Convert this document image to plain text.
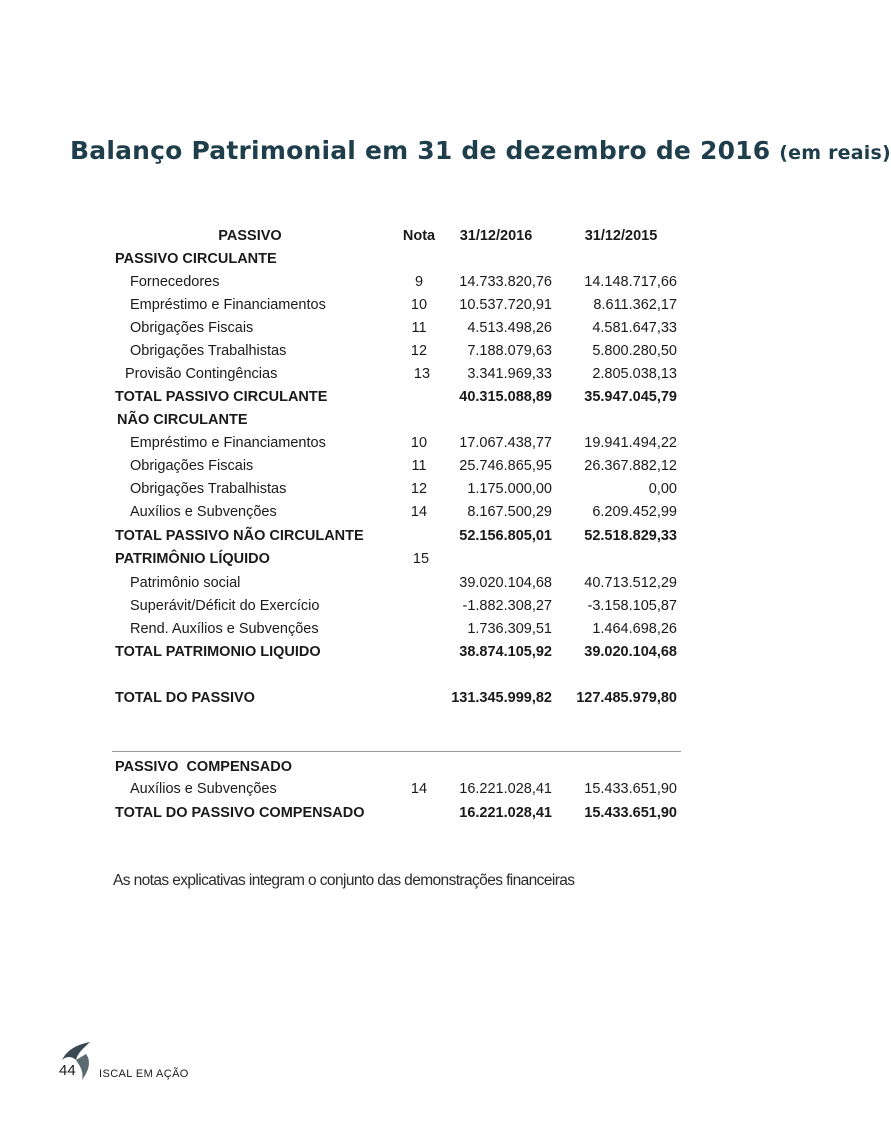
Balanço Patrimonial em 31 de dezembro de 2016 (em reais)
PASSIVO	Nota	31/12/2016	31/12/2015
PASSIVO CIRCULANTE
Fornecedores	9	14.733.820,76 14.148.717,66
Empréstimo e Financiamentos	10	10.537.720,91	8.611.362,17
Obrigações Fiscais	11	4.513.498,26	4.581.647,33
Obrigações Trabalhistas	12	7.188.079,63	5.800.280,50
Provisão Contingências	13	3.341.969,33	2.805.038,13
TOTAL PASSIVO CIRCULANTE	40.315.088,89 35.947.045,79
NÃO CIRCULANTE
Empréstimo e Financiamentos	10	17.067.438,77 19.941.494,22
Obrigações Fiscais	11	25.746.865,95 26.367.882,12
Obrigações Trabalhistas	12	1.175.000,00	0,00
Auxílios e Subvenções	14	8.167.500,29	6.209.452,99
TOTAL PASSIVO NÃO CIRCULANTE	52.156.805,01 52.518.829,33
PATRIMÔNIO LÍQUIDO	15
Patrimônio social	39.020.104,68 40.713.512,29
Superávit/Déficit do Exercício	-1.882.308,27 -3.158.105,87
Rend. Auxílios e Subvenções	1.736.309,51	1.464.698,26
TOTAL PATRIMONIO LIQUIDO	38.874.105,92 39.020.104,68
TOTAL DO PASSIVO	131.345.999,82 127.485.979,80
PASSIVO  COMPENSADO
Auxílios e Subvenções	14	16.221.028,41 15.433.651,90
TOTAL DO PASSIVO COMPENSADO	16.221.028,41 15.433.651,90
As notas explicativas integram o conjunto das demonstrações financeiras
44 ISCAL EM AÇÃO
